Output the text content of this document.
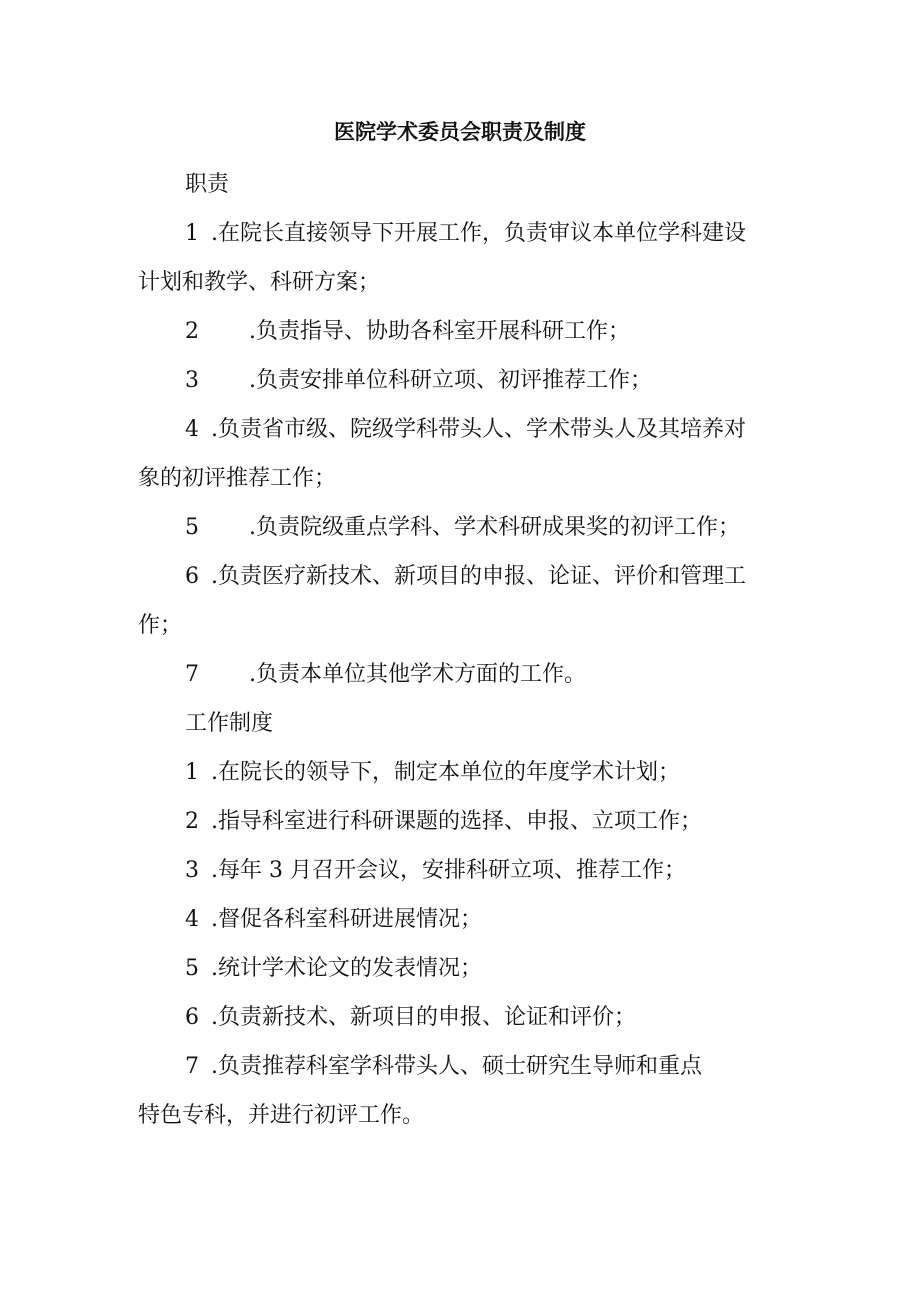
医院学术委员会职责及制度
职责
1 .在院长直接领导下开展工作，负责审议本单位学科建设
计划和教学、科研方案；
2 .负责指导、协助各科室开展科研工作；
3 .负责安排单位科研立项、初评推荐工作；
4 .负责省市级、院级学科带头人、学术带头人及其培养对
象的初评推荐工作；
5 .负责院级重点学科、学术科研成果奖的初评工作；
6 .负责医疗新技术、新项目的申报、论证、评价和管理工
作；
7 .负责本单位其他学术方面的工作。
工作制度
1 .在院长的领导下，制定本单位的年度学术计划；
2 .指导科室进行科研课题的选择、申报、立项工作；
3 .每年 3 月召开会议，安排科研立项、推荐工作；
4 .督促各科室科研进展情况；
5 .统计学术论文的发表情况；
6 .负责新技术、新项目的申报、论证和评价；
7 .负责推荐科室学科带头人、硕士研究生导师和重点
特色专科，并进行初评工作。
